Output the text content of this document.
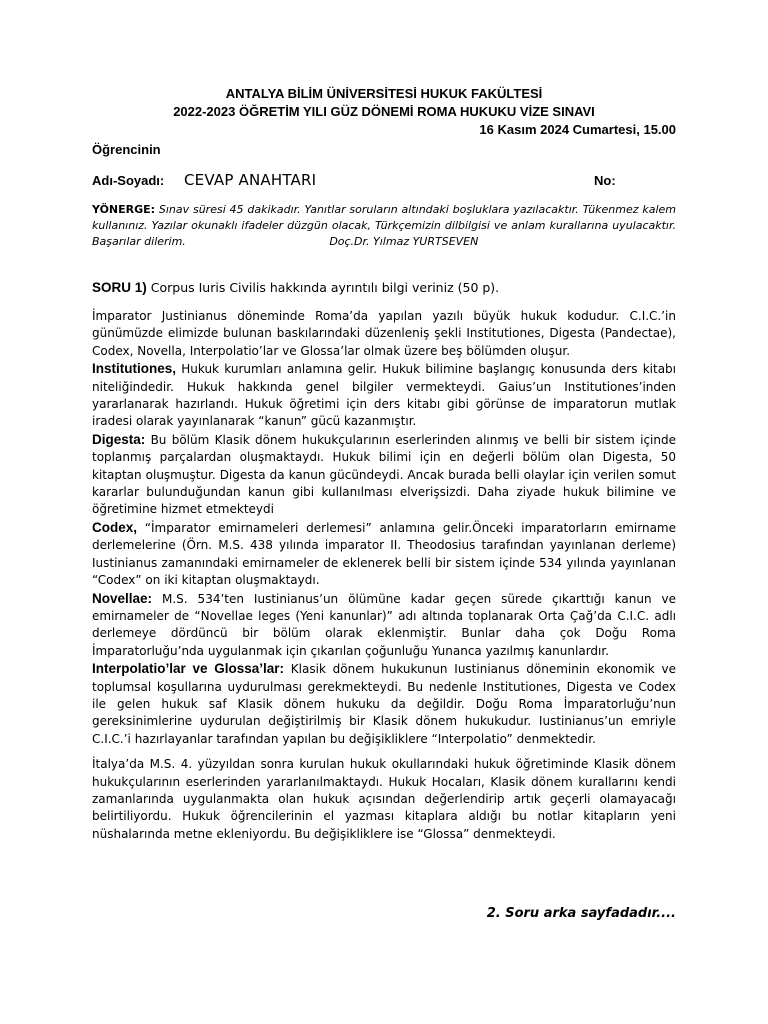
ANTALYA BİLİM ÜNİVERSİTESİ HUKUK FAKÜLTESİ
2022-2023 ÖĞRETİM YILI GÜZ DÖNEMİ ROMA HUKUKU VİZE SINAVI
16 Kasım 2024 Cumartesi, 15.00
Öğrencinin
Adı-Soyadı: CEVAP ANAHTARI	No:
YÖNERGE: Sınav süresi 45 dakikadır. Yanıtlar soruların altındaki boşluklara yazılacaktır. Tükenmez kalem kullanınız. Yazılar okunaklı ifadeler düzgün olacak, Türkçemizin dilbilgisi ve anlam kurallarına uyulacaktır. Başarılar dilerim.	Doç.Dr. Yılmaz YURTSEVEN
SORU 1) Corpus Iuris Civilis hakkında ayrıntılı bilgi veriniz (50 p).

İmparator Justinianus döneminde Roma’da yapılan yazılı büyük hukuk kodudur. C.I.C.’in günümüzde elimizde bulunan baskılarındaki düzenleniş şekli Institutiones, Digesta (Pandectae), Codex, Novella, Interpolatio’lar ve Glossa’lar olmak üzere beş bölümden oluşur.

Institutiones, Hukuk kurumları anlamına gelir. Hukuk bilimine başlangıç konusunda ders kitabı niteliğindedir. Hukuk hakkında genel bilgiler vermekteydi. Gaius’un Institutiones’inden yararlanarak hazırlandı. Hukuk öğretimi için ders kitabı gibi görünse de imparatorun mutlak iradesi olarak yayınlanarak “kanun” gücü kazanmıştır.

Digesta: Bu bölüm Klasik dönem hukukçularının eserlerinden alınmış ve belli bir sistem içinde toplanmış parçalardan oluşmaktaydı. Hukuk bilimi için en değerli bölüm olan Digesta, 50 kitaptan oluşmuştur. Digesta da kanun gücündeydi. Ancak burada belli olaylar için verilen somut kararlar bulunduğundan kanun gibi kullanılması elverişsizdi. Daha ziyade hukuk bilimine ve öğretimine hizmet etmekteydi

Codex, “İmparator emirnameleri derlemesi” anlamına gelir.Önceki imparatorların emirname derlemelerine (Örn. M.S. 438 yılında imparator II. Theodosius tarafından yayınlanan derleme) Iustinianus zamanındaki emirnameler de eklenerek belli bir sistem içinde 534 yılında yayınlanan “Codex” on iki kitaptan oluşmaktaydı.

Novellae: M.S. 534’ten Iustinianus’un ölümüne kadar geçen sürede çıkarttığı kanun ve emirnameler de “Novellae leges (Yeni kanunlar)” adı altında toplanarak Orta Çağ’da C.I.C. adlı derlemeye dördüncü bir bölüm olarak eklenmiştir. Bunlar daha çok Doğu Roma İmparatorluğu’nda uygulanmak için çıkarılan çoğunluğu Yunanca yazılmış kanunlardır.

Interpolatio’lar ve Glossa’lar: Klasik dönem hukukunun Iustinianus döneminin ekonomik ve toplumsal koşullarına uydurulması gerekmekteydi. Bu nedenle Institutiones, Digesta ve Codex ile gelen hukuk saf Klasik dönem hukuku da değildir. Doğu Roma İmparatorluğu’nun gereksinimlerine uydurulan değiştirilmiş bir Klasik dönem hukukudur. Iustinianus’un emriyle C.I.C.’i hazırlayanlar tarafından yapılan bu değişikliklere “Interpolatio” denmektedir.

İtalya’da M.S. 4. yüzyıldan sonra kurulan hukuk okullarındaki hukuk öğretiminde Klasik dönem hukukçularının eserlerinden yararlanılmaktaydı. Hukuk Hocaları, Klasik dönem kurallarını kendi zamanlarında uygulanmakta olan hukuk açısından değerlendirip artık geçerli olamayacağı belirtiliyordu. Hukuk öğrencilerinin el yazması kitaplara aldığı bu notlar kitapların yeni nüshalarında metne ekleniyordu. Bu değişikliklere ise “Glossa” denmekteydi.

2. Soru arka sayfadadır....
